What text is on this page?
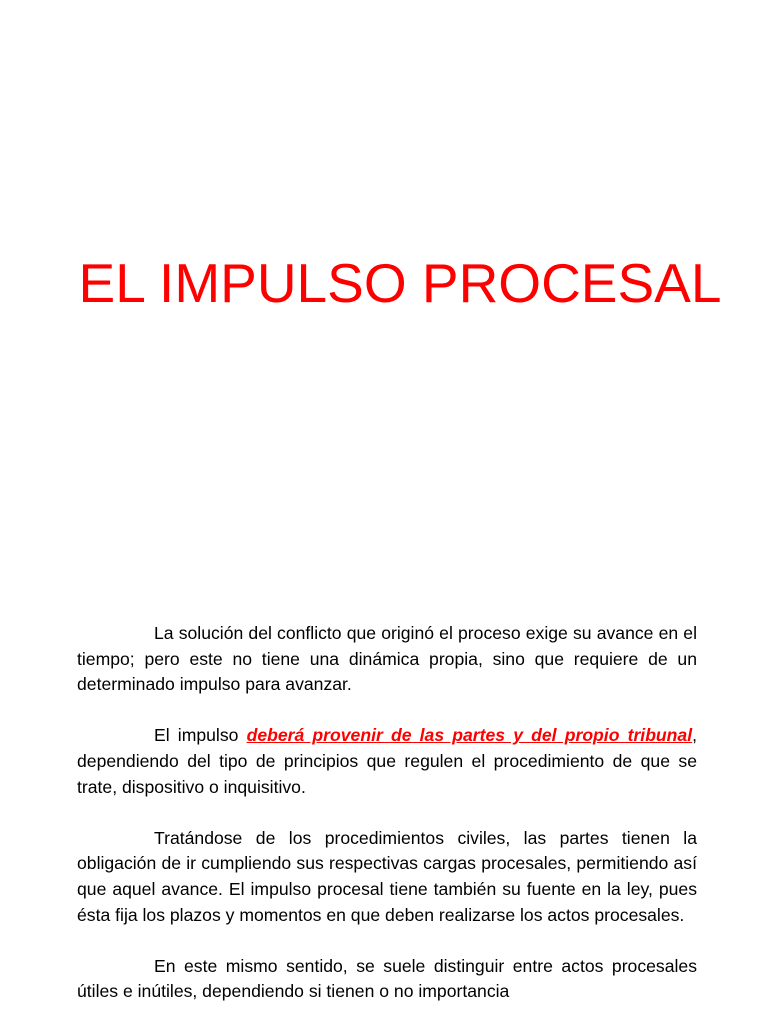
EL IMPULSO PROCESAL

La solución del conflicto que originó el proceso exige su avance en el tiempo; pero este no tiene una dinámica propia, sino que requiere de un determinado impulso para avanzar.

El impulso deberá provenir de las partes y del propio tribunal, dependiendo del tipo de principios que regulen el procedimiento de que se trate, dispositivo o inquisitivo.

Tratándose de los procedimientos civiles, las partes tienen la obligación de ir cumpliendo sus respectivas cargas procesales, permitiendo así que aquel avance. El impulso procesal tiene también su fuente en la ley, pues ésta fija los plazos y momentos en que deben realizarse los actos procesales.

En este mismo sentido, se suele distinguir entre actos procesales útiles e inútiles, dependiendo si tienen o no importancia
